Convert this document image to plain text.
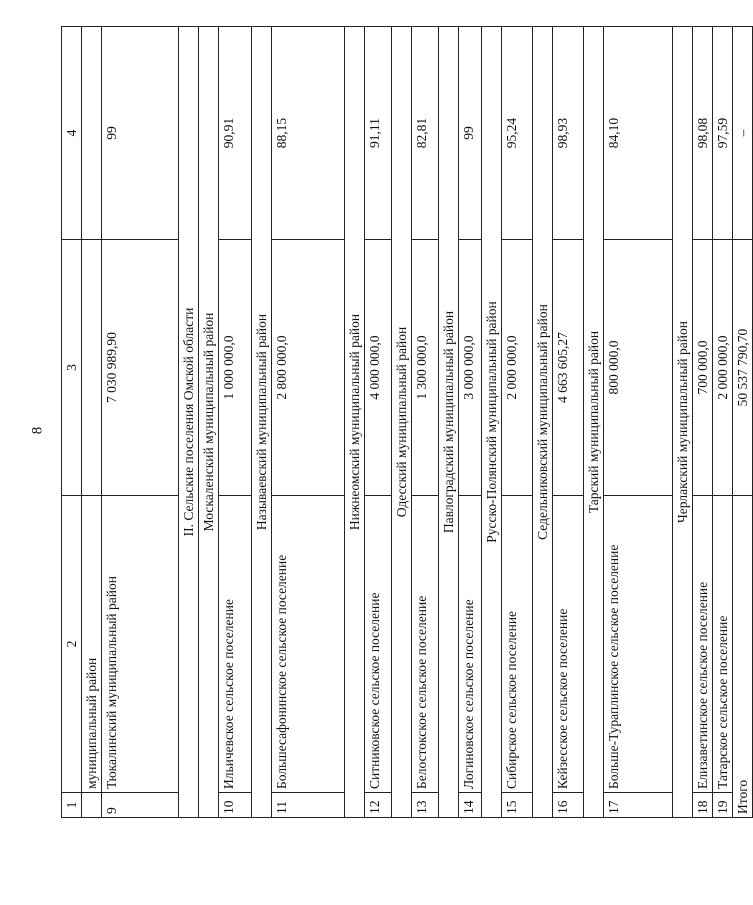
8
1	2	3	4
	муниципальный район		
9	Тюкалинский муниципальный район	7 030 989,90	99
II. Сельские поселения Омской области			
Москаленский муниципальный район			
10	Ильичевское сельское поселение	1 000 000,0	90,91
Называевский муниципальный район			
11	Большесафонинское сельское поселение	2 800 000,0	88,15
Нижнеомский муниципальный район			
12	Ситниковское сельское поселение	4 000 000,0	91,11
Одесский муниципальный район			
13	Белостокское сельское поселение	1 300 000,0	82,81
Павлоградский муниципальный район			
14	Логиновское сельское поселение	3 000 000,0	99
Русско-Полянский муниципальный район			
15	Сибирское сельское поселение	2 000 000,0	95,24
Седельниковский муниципальный район			
16	Кейзесское сельское поселение	4 663 605,27	98,93
Тарский муниципальный район			
17	Больше-Тураплинское сельское поселение	800 000,0	84,10
Черлакский муниципальный район			
18	Елизаветинское сельское поселение	700 000,0	98,08
19	Татарское сельское поселение	2 000 000,0	97,59
Итого		50 537 790,70	–
